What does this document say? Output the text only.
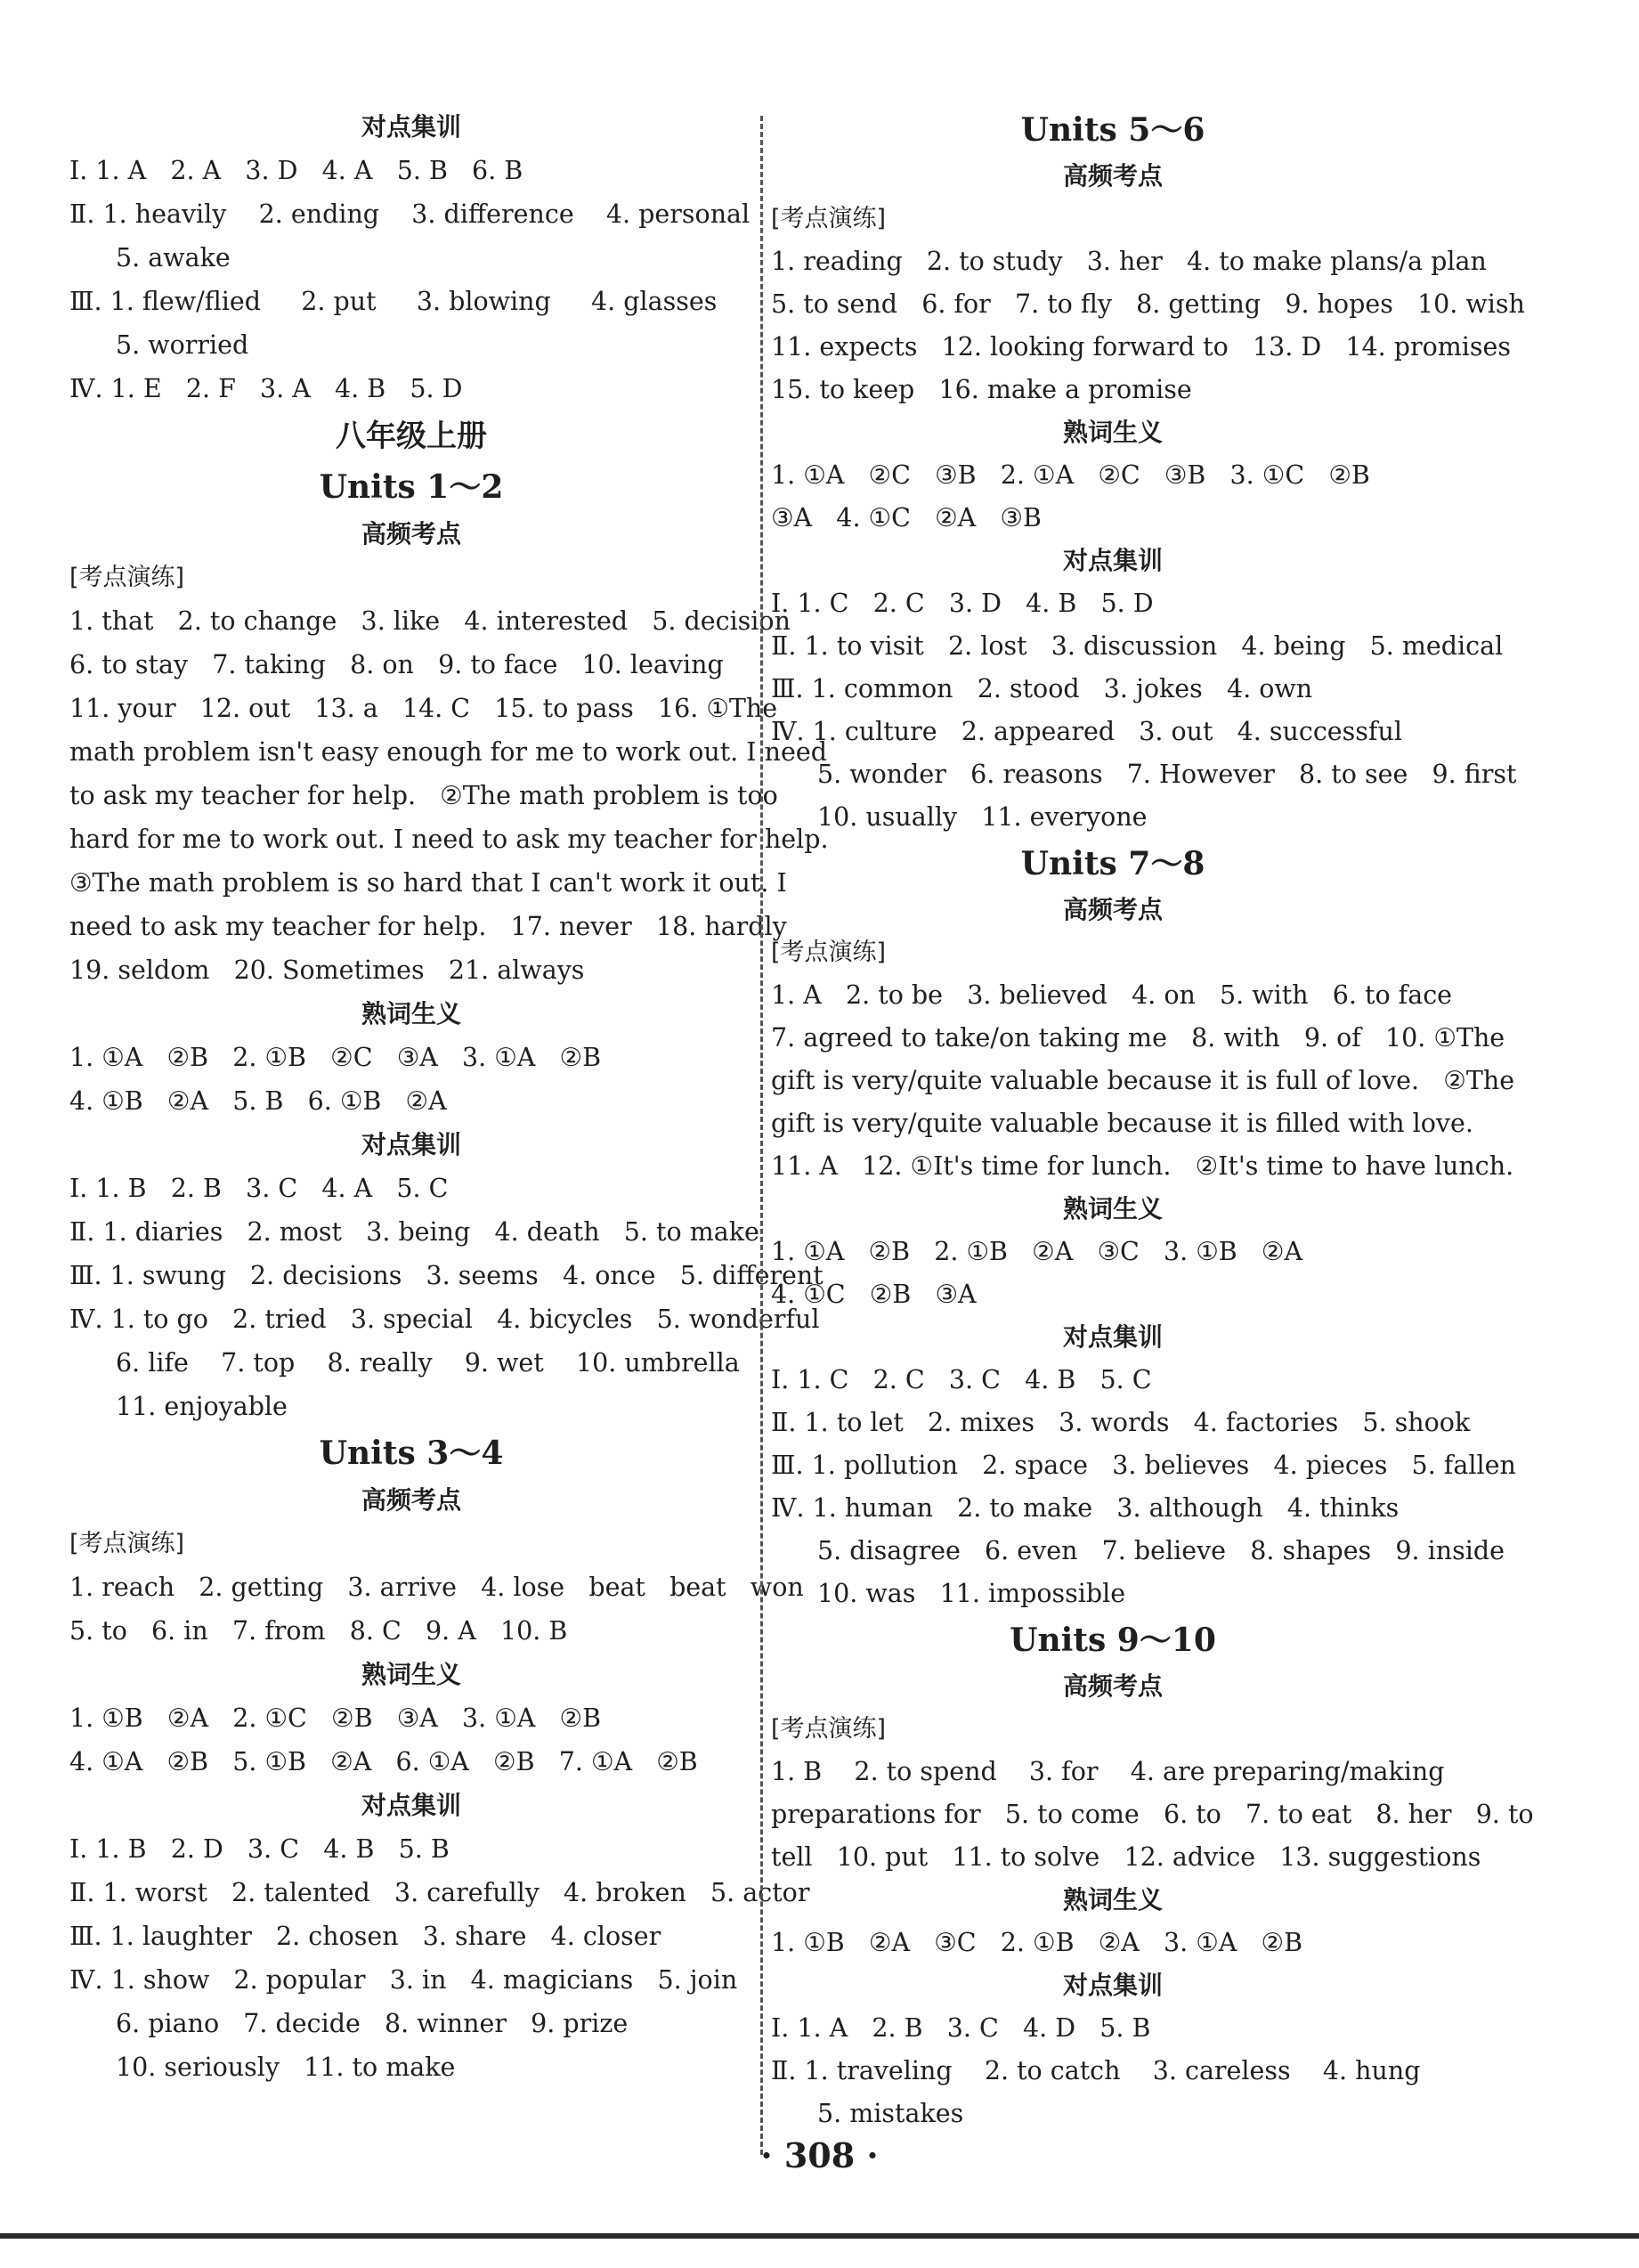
对点集训
Ⅰ. 1. A   2. A   3. D   4. A   5. B   6. B
Ⅱ. 1. heavily    2. ending    3. difference    4. personal
5. awake
Ⅲ. 1. flew/flied     2. put     3. blowing     4. glasses
5. worried
Ⅳ. 1. E   2. F   3. A   4. B   5. D
八年级上册
Units 1～2
高频考点
[考点演练]
1. that   2. to change   3. like   4. interested   5. decision
6. to stay   7. taking   8. on   9. to face   10. leaving
11. your   12. out   13. a   14. C   15. to pass   16. ①The
math problem isn't easy enough for me to work out. I need
to ask my teacher for help.   ②The math problem is too
hard for me to work out. I need to ask my teacher for help.
③The math problem is so hard that I can't work it out. I
need to ask my teacher for help.   17. never   18. hardly
19. seldom   20. Sometimes   21. always
熟词生义
1. ①A   ②B   2. ①B   ②C   ③A   3. ①A   ②B
4. ①B   ②A   5. B   6. ①B   ②A
对点集训
Ⅰ. 1. B   2. B   3. C   4. A   5. C
Ⅱ. 1. diaries   2. most   3. being   4. death   5. to make
Ⅲ. 1. swung   2. decisions   3. seems   4. once   5. different
Ⅳ. 1. to go   2. tried   3. special   4. bicycles   5. wonderful
6. life    7. top    8. really    9. wet    10. umbrella
11. enjoyable
Units 3～4
高频考点
[考点演练]
1. reach   2. getting   3. arrive   4. lose   beat   beat   won
5. to   6. in   7. from   8. C   9. A   10. B
熟词生义
1. ①B   ②A   2. ①C   ②B   ③A   3. ①A   ②B
4. ①A   ②B   5. ①B   ②A   6. ①A   ②B   7. ①A   ②B
对点集训
Ⅰ. 1. B   2. D   3. C   4. B   5. B
Ⅱ. 1. worst   2. talented   3. carefully   4. broken   5. actor
Ⅲ. 1. laughter   2. chosen   3. share   4. closer
Ⅳ. 1. show   2. popular   3. in   4. magicians   5. join
6. piano   7. decide   8. winner   9. prize
10. seriously   11. to make
Units 5～6
高频考点
[考点演练]
1. reading   2. to study   3. her   4. to make plans/a plan
5. to send   6. for   7. to fly   8. getting   9. hopes   10. wish
11. expects   12. looking forward to   13. D   14. promises
15. to keep   16. make a promise
熟词生义
1. ①A   ②C   ③B   2. ①A   ②C   ③B   3. ①C   ②B
③A   4. ①C   ②A   ③B
对点集训
Ⅰ. 1. C   2. C   3. D   4. B   5. D
Ⅱ. 1. to visit   2. lost   3. discussion   4. being   5. medical
Ⅲ. 1. common   2. stood   3. jokes   4. own
Ⅳ. 1. culture   2. appeared   3. out   4. successful
5. wonder   6. reasons   7. However   8. to see   9. first
10. usually   11. everyone
Units 7～8
高频考点
[考点演练]
1. A   2. to be   3. believed   4. on   5. with   6. to face
7. agreed to take/on taking me   8. with   9. of   10. ①The
gift is very/quite valuable because it is full of love.   ②The
gift is very/quite valuable because it is filled with love.
11. A   12. ①It's time for lunch.   ②It's time to have lunch.
熟词生义
1. ①A   ②B   2. ①B   ②A   ③C   3. ①B   ②A
4. ①C   ②B   ③A
对点集训
Ⅰ. 1. C   2. C   3. C   4. B   5. C
Ⅱ. 1. to let   2. mixes   3. words   4. factories   5. shook
Ⅲ. 1. pollution   2. space   3. believes   4. pieces   5. fallen
Ⅳ. 1. human   2. to make   3. although   4. thinks
5. disagree   6. even   7. believe   8. shapes   9. inside
10. was   11. impossible
Units 9～10
高频考点
[考点演练]
1. B    2. to spend    3. for    4. are preparing/making
preparations for   5. to come   6. to   7. to eat   8. her   9. to
tell   10. put   11. to solve   12. advice   13. suggestions
熟词生义
1. ①B   ②A   ③C   2. ①B   ②A   3. ①A   ②B
对点集训
Ⅰ. 1. A   2. B   3. C   4. D   5. B
Ⅱ. 1. traveling    2. to catch    3. careless    4. hung
5. mistakes
· 308 ·
